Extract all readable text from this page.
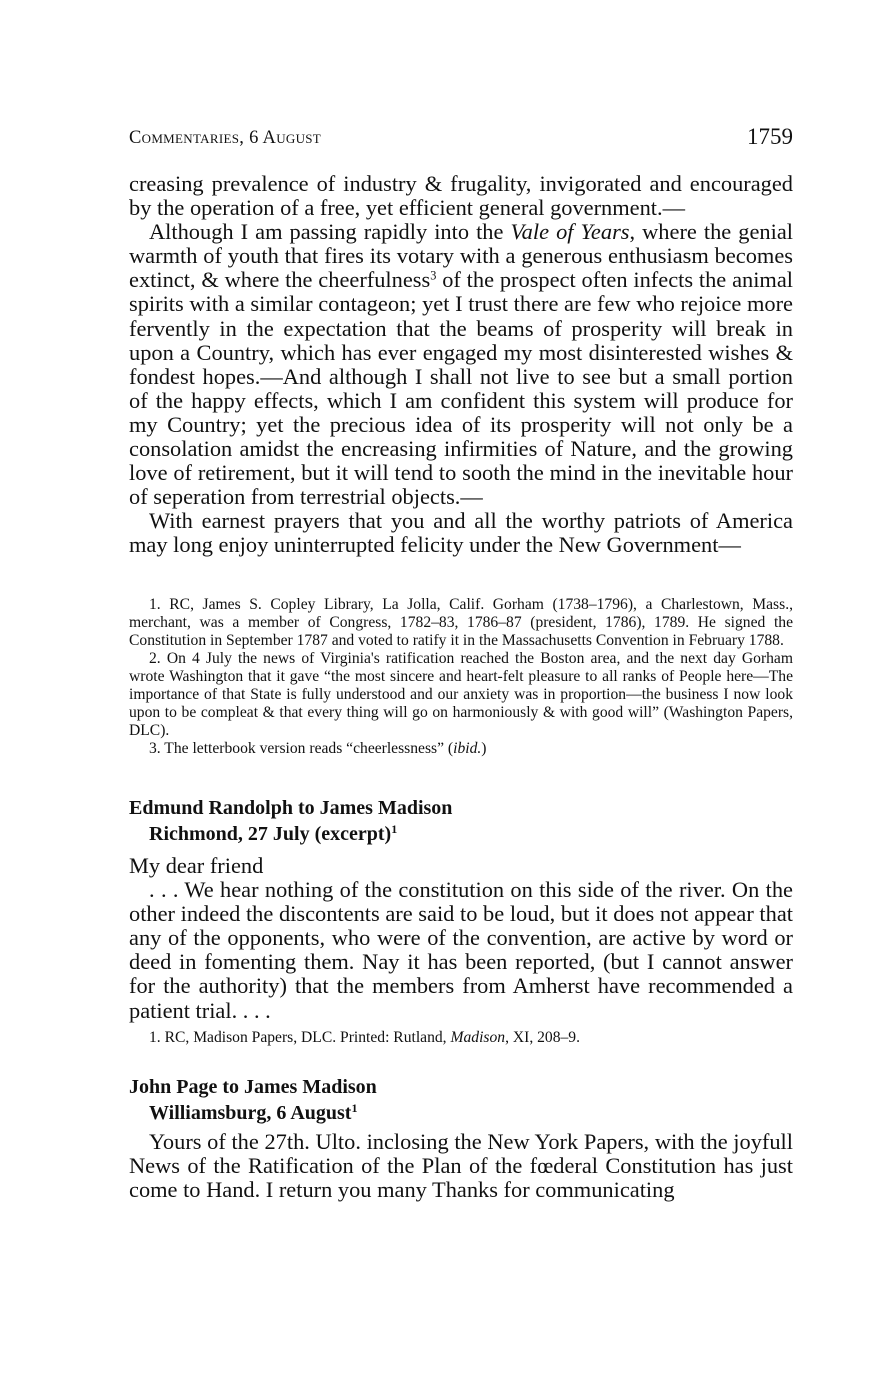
Commentaries, 6 August	1759

creasing prevalence of industry & frugality, invigorated and encouraged by the operation of a free, yet efficient general government.—

Although I am passing rapidly into the Vale of Years, where the genial warmth of youth that fires its votary with a generous enthusiasm becomes extinct, & where the cheerfulness$^3$ of the prospect often infects the animal spirits with a similar contageon; yet I trust there are few who rejoice more fervently in the expectation that the beams of prosperity will break in upon a Country, which has ever engaged my most disinterested wishes & fondest hopes.—And although I shall not live to see but a small portion of the happy effects, which I am confident this system will produce for my Country; yet the precious idea of its prosperity will not only be a consolation amidst the encreasing infirmities of Nature, and the growing love of retirement, but it will tend to sooth the mind in the inevitable hour of seperation from terrestrial objects.—

With earnest prayers that you and all the worthy patriots of America may long enjoy uninterrupted felicity under the New Government—

1. RC, James S. Copley Library, La Jolla, Calif. Gorham (1738–1796), a Charlestown, Mass., merchant, was a member of Congress, 1782–83, 1786–87 (president, 1786), 1789. He signed the Constitution in September 1787 and voted to ratify it in the Massachusetts Convention in February 1788.

2. On 4 July the news of Virginia's ratification reached the Boston area, and the next day Gorham wrote Washington that it gave “the most sincere and heart-felt pleasure to all ranks of People here—The importance of that State is fully understood and our anxiety was in proportion—the business I now look upon to be compleat & that every thing will go on harmoniously & with good will” (Washington Papers, DLC).

3. The letterbook version reads “cheerlessness” (ibid.)

Edmund Randolph to James Madison
Richmond, 27 July (excerpt)$^1$

My dear friend

. . . We hear nothing of the constitution on this side of the river. On the other indeed the discontents are said to be loud, but it does not appear that any of the opponents, who were of the convention, are active by word or deed in fomenting them. Nay it has been reported, (but I cannot answer for the authority) that the members from Amherst have recommended a patient trial. . . .

1. RC, Madison Papers, DLC. Printed: Rutland, Madison, XI, 208–9.

John Page to James Madison
Williamsburg, 6 August$^1$

Yours of the 27th. Ulto. inclosing the New York Papers, with the joyfull News of the Ratification of the Plan of the fœderal Constitution has just come to Hand. I return you many Thanks for communicating
